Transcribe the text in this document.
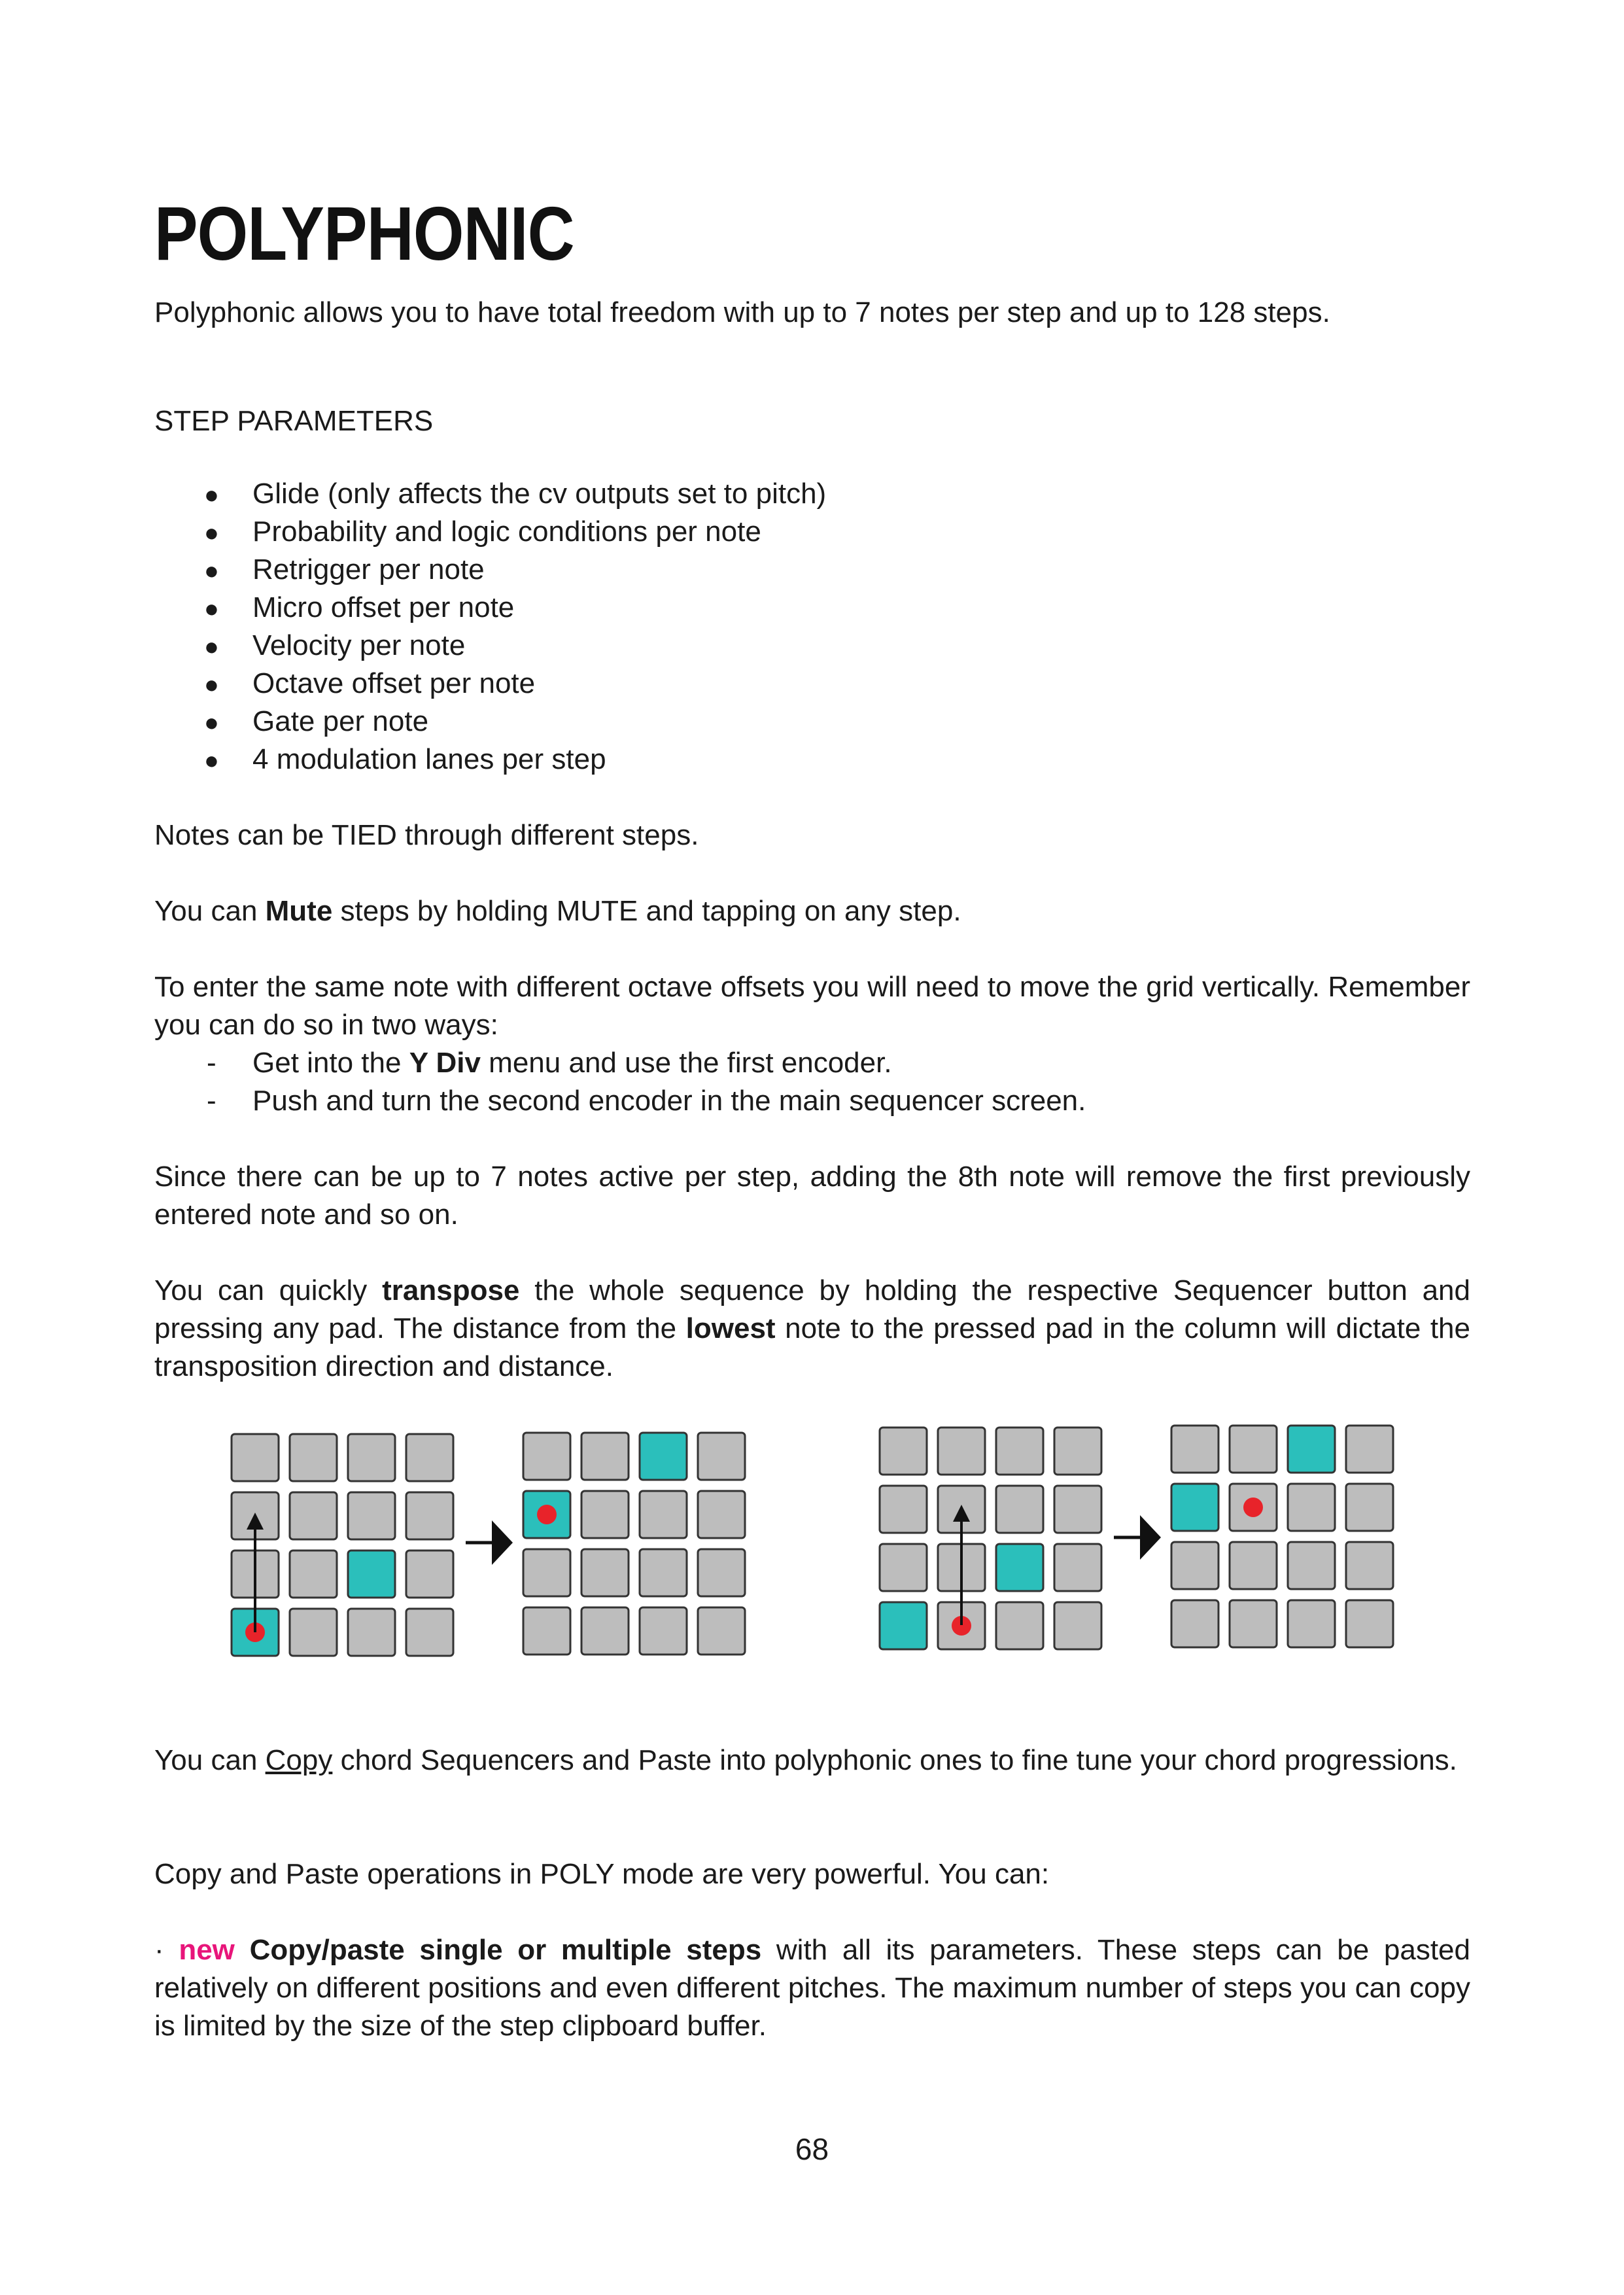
POLYPHONIC
Polyphonic allows you to have total freedom with up to 7 notes per step and up to 128 steps.
STEP PARAMETERS
● Glide (only affects the cv outputs set to pitch)
● Probability and logic conditions per note
● Retrigger per note
● Micro offset per note
● Velocity per note
● Octave offset per note
● Gate per note
● 4 modulation lanes per step
Notes can be TIED through different steps.
You can Mute steps by holding MUTE and tapping on any step.
To enter the same note with different octave offsets you will need to move the grid vertically. Remember you can do so in two ways:
- Get into the Y Div menu and use the first encoder.
- Push and turn the second encoder in the main sequencer screen.
Since there can be up to 7 notes active per step, adding the 8th note will remove the first previously entered note and so on.
You can quickly transpose the whole sequence by holding the respective Sequencer button and pressing any pad. The distance from the lowest note to the pressed pad in the column will dictate the transposition direction and distance.
You can Copy chord Sequencers and Paste into polyphonic ones to fine tune your chord progressions.
Copy and Paste operations in POLY mode are very powerful. You can:
· new Copy/paste single or multiple steps with all its parameters. These steps can be pasted relatively on different positions and even different pitches. The maximum number of steps you can copy is limited by the size of the step clipboard buffer.
68
